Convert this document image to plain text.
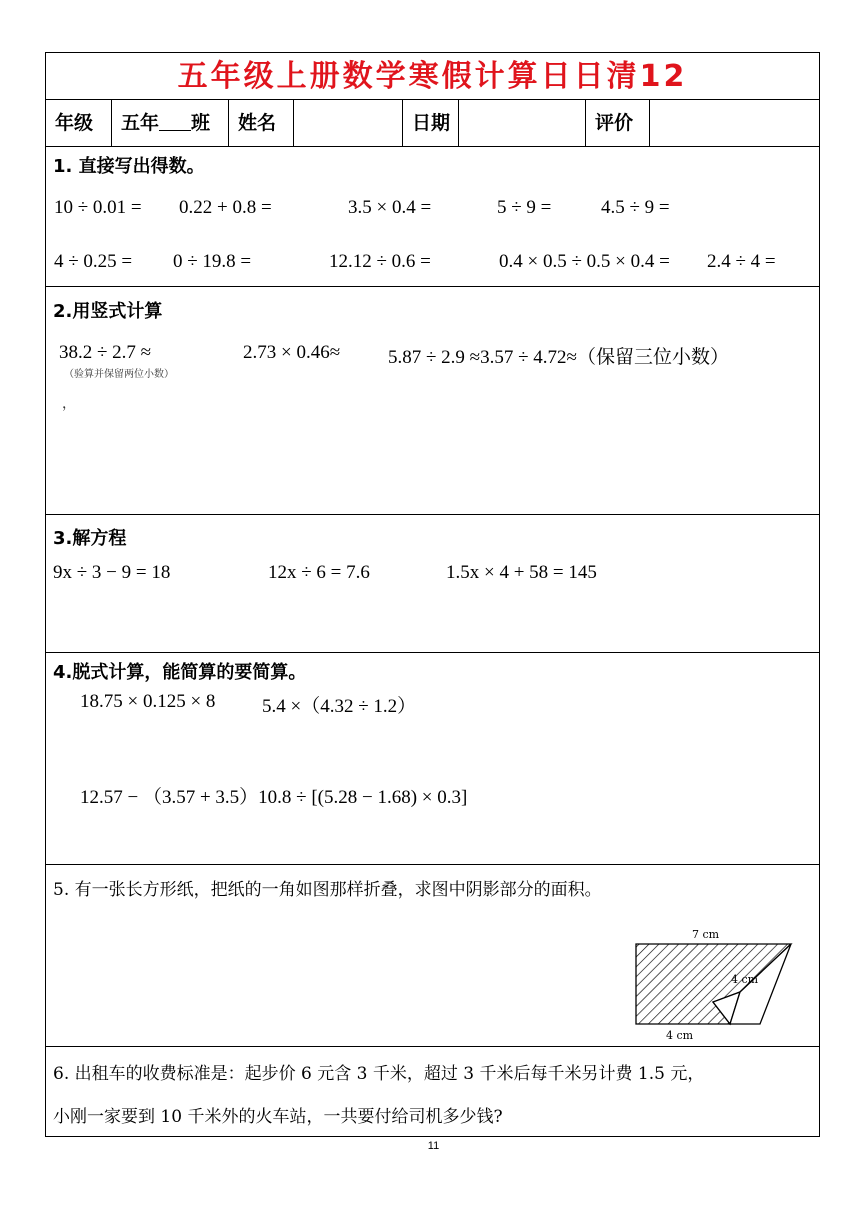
五年级上册数学寒假计算日日清12
年级	五年 班	姓名	日期	评价
1. 直接写出得数。
10 ÷ 0.01 = 0.22 + 0.8 =	3.5 × 0.4 =	5 ÷ 9 =	4.5 ÷ 9 =
4 ÷ 0.25 = 0 ÷ 19.8 =	12.12 ÷ 0.6 =	0.4 × 0.5 ÷ 0.5 × 0.4 = 2.4 ÷ 4 =
2.用竖式计算
38.2 ÷ 2.7 ≈
（验算并保留两位小数）
2.73 × 0.46≈	5.87 ÷ 2.9 ≈3.57 ÷ 4.72≈（保留三位小数）
，
3.解方程
9x ÷ 3 − 9 = 18	12x ÷ 6 = 7.6	1.5x × 4 + 58 = 145
4.脱式计算，能简算的要简算。
18.75 × 0.125 × 8 5.4 ×（4.32 ÷ 1.2）
12.57 − （3.57 + 3.5）10.8 ÷ [(5.28 − 1.68) × 0.3]
5. 有一张长方形纸，把纸的一角如图那样折叠，求图中阴影部分的面积。
7 cm
4 cm
4 cm
6. 出租车的收费标准是：起步价 6 元含 3 千米，超过 3 千米后每千米另计费 1.5 元，
小刚一家要到 10 千米外的火车站，一共要付给司机多少钱?
11
